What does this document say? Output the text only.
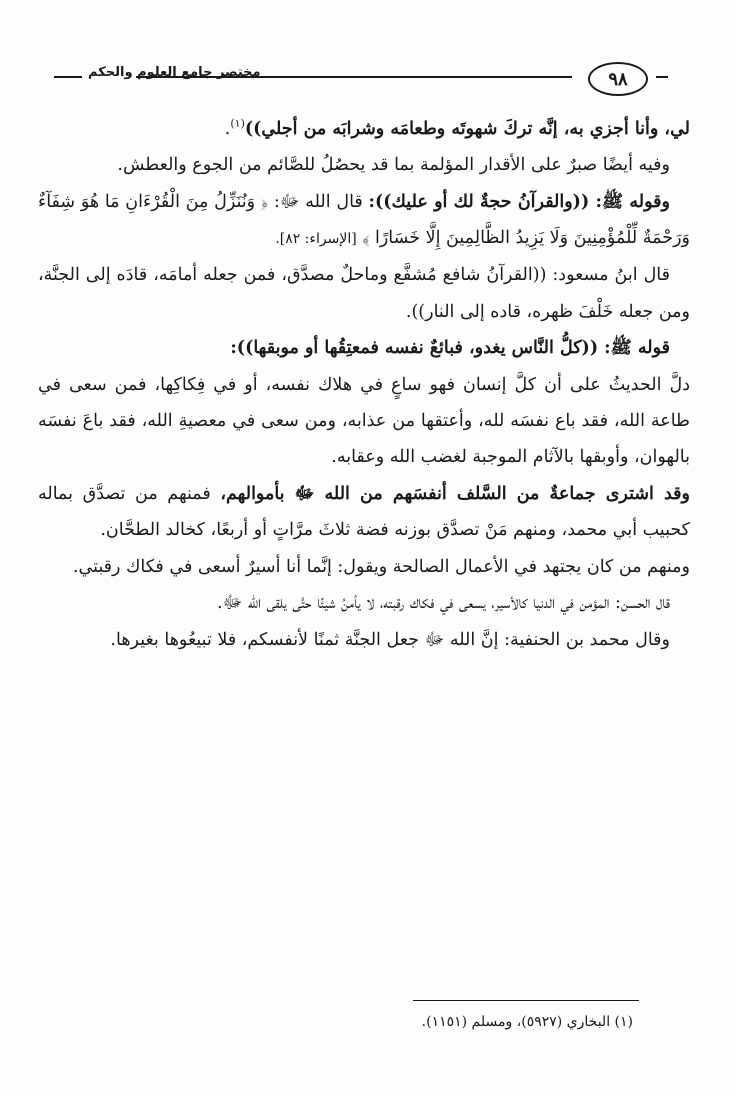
٩٨
مختصر جامع العلوم والحكم

لي، وأنا أجزي به، إنَّه تركَ شهوتَه وطعامَه وشرابَه من أجلي))$^{(١)}$.

وفيه أيضًا صبرٌ على الأقدار المؤلمة بما قد يحصُلُ للصَّائم من الجوع والعطش.

وقوله ﷺ: ((والقرآنُ حجةٌ لك أو عليك)): قال الله ﷻ: ﴿ وَنُنَزِّلُ مِنَ الْقُرْءَانِ مَا هُوَ شِفَآءٌ وَرَحْمَةٌ لِّلْمُؤْمِنِينَ وَلَا يَزِيدُ الظَّالِمِينَ إِلَّا خَسَارًا ﴾ [الإسراء: ٨٢].

قال ابنُ مسعود: ((القرآنُ شافع مُشفَّع وماحلٌ مصدَّق، فمن جعله أمامَه، قادَه إلى الجنَّة، ومن جعله خَلْفَ ظهره، قاده إلى النار)).

قوله ﷺ: ((كلُّ النَّاس يغدو، فبائعٌ نفسه فمعتِقُها أو موبقها)):

دلَّ الحديثُ على أن كلَّ إنسان فهو ساعٍ في هلاك نفسه، أو في فِكاكِها، فمن سعى في طاعة الله، فقد باع نفسَه لله، وأعتقها من عذابه، ومن سعى في معصيةِ الله، فقد باعَ نفسَه بالهوان، وأوبقها بالآثام الموجبة لغضب الله وعقابه.

وقد اشترى جماعةٌ من السَّلف أنفسَهم من الله ﷻ بأموالهم، فمنهم من تصدَّق بماله كحبيب أبي محمد، ومنهم مَنْ تصدَّق بوزنه فضة ثلاثَ مرَّاتٍ أو أربعًا، كخالد الطحَّان.

ومنهم من كان يجتهد في الأعمال الصالحة ويقول: إنَّما أنا أسيرٌ أسعى في فكاك رقبتي.

قال الحسن: المؤمن في الدنيا كالأسير، يسعى في فكاك رقبته، لا يأمنُ شيئًا حتَّى يلقى الله ﷻ.

وقال محمد بن الحنفية: إنَّ الله ﷻ جعل الجنَّة ثمنًا لأنفسكم، فلا تبيعُوها بغيرها.

(١) البخاري (٥٩٢٧)، ومسلم (١١٥١).
